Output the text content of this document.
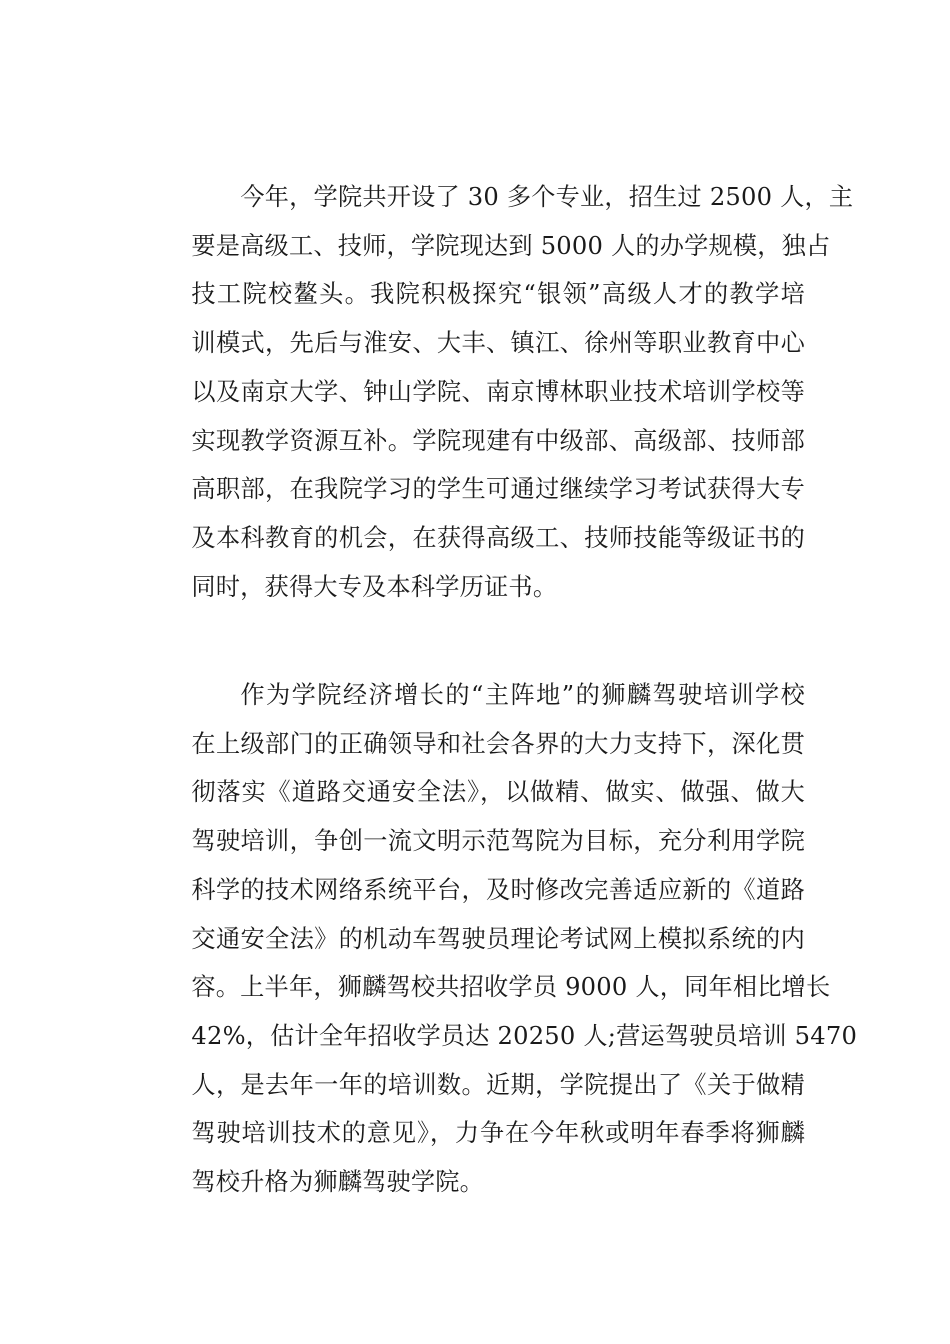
今年，学院共开设了 30 多个专业，招生过 2500 人，主
要是高级工、技师，学院现达到 5000 人的办学规模，独占
技工院校鳌头。我院积极探究“银领”高级人才的教学培
训模式，先后与淮安、大丰、镇江、徐州等职业教育中心
以及南京大学、钟山学院、南京博林职业技术培训学校等
实现教学资源互补。学院现建有中级部、高级部、技师部
高职部，在我院学习的学生可通过继续学习考试获得大专
及本科教育的机会，在获得高级工、技师技能等级证书的
同时，获得大专及本科学历证书。
作为学院经济增长的“主阵地”的狮麟驾驶培训学校
在上级部门的正确领导和社会各界的大力支持下，深化贯
彻落实《道路交通安全法》，以做精、做实、做强、做大
驾驶培训，争创一流文明示范驾院为目标，充分利用学院
科学的技术网络系统平台，及时修改完善适应新的《道路
交通安全法》的机动车驾驶员理论考试网上模拟系统的内
容。上半年，狮麟驾校共招收学员 9000 人，同年相比增长
42%，估计全年招收学员达 20250 人;营运驾驶员培训 5470
人，是去年一年的培训数。近期，学院提出了《关于做精
驾驶培训技术的意见》，力争在今年秋或明年春季将狮麟
驾校升格为狮麟驾驶学院。
